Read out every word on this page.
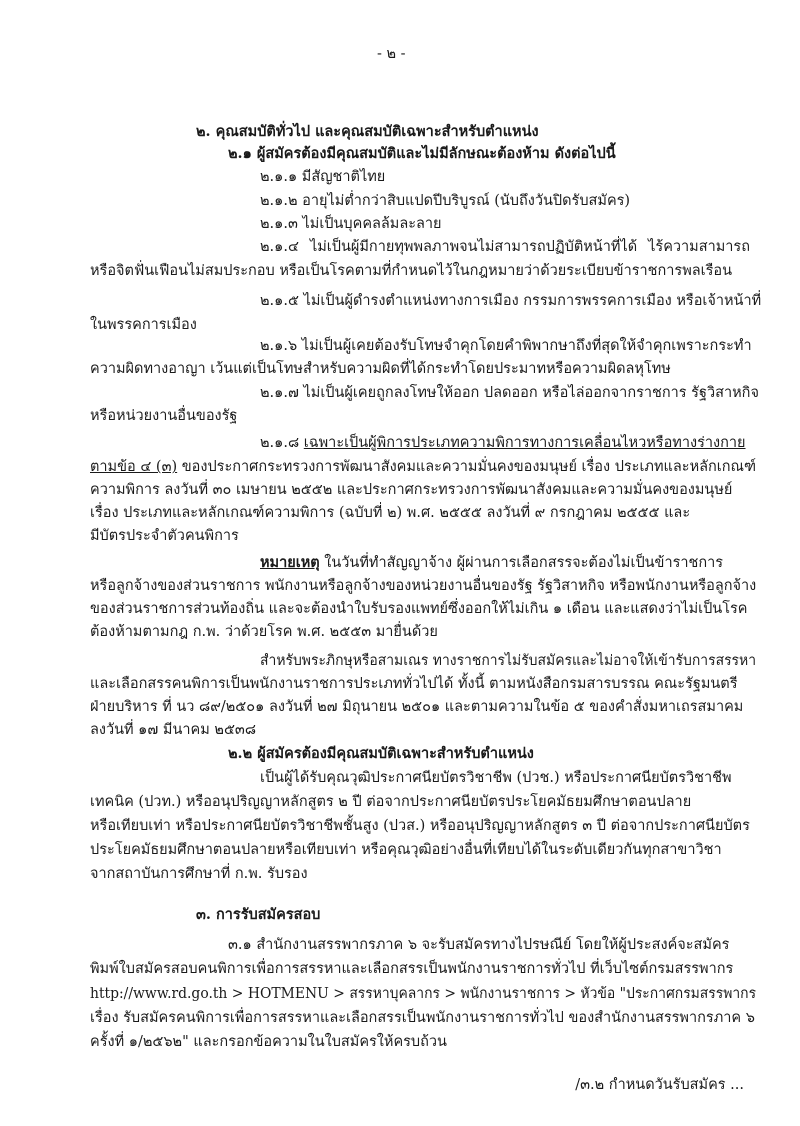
- ๒ -
๒. คุณสมบัติทั่วไป และคุณสมบัติเฉพาะสำหรับตำแหน่ง
๒.๑ ผู้สมัครต้องมีคุณสมบัติและไม่มีลักษณะต้องห้าม ดังต่อไปนี้
๒.๑.๑ มีสัญชาติไทย
๒.๑.๒ อายุไม่ต่ำกว่าสิบแปดปีบริบูรณ์ (นับถึงวันปิดรับสมัคร)
๒.๑.๓ ไม่เป็นบุคคลล้มละลาย
๒.๑.๔ ไม่เป็นผู้มีกายทุพพลภาพจนไม่สามารถปฏิบัติหน้าที่ได้ ไร้ความสามารถ
หรือจิตฟั่นเฟือนไม่สมประกอบ หรือเป็นโรคตามที่กำหนดไว้ในกฎหมายว่าด้วยระเบียบข้าราชการพลเรือน
๒.๑.๕ ไม่เป็นผู้ดำรงตำแหน่งทางการเมือง กรรมการพรรคการเมือง หรือเจ้าหน้าที่
ในพรรคการเมือง
๒.๑.๖ ไม่เป็นผู้เคยต้องรับโทษจำคุกโดยคำพิพากษาถึงที่สุดให้จำคุกเพราะกระทำ
ความผิดทางอาญา เว้นแต่เป็นโทษสำหรับความผิดที่ได้กระทำโดยประมาทหรือความผิดลหุโทษ
๒.๑.๗ ไม่เป็นผู้เคยถูกลงโทษให้ออก ปลดออก หรือไล่ออกจากราชการ รัฐวิสาหกิจ
หรือหน่วยงานอื่นของรัฐ
๒.๑.๘ เฉพาะเป็นผู้พิการประเภทความพิการทางการเคลื่อนไหวหรือทางร่างกาย
ตามข้อ ๔ (๓) ของประกาศกระทรวงการพัฒนาสังคมและความมั่นคงของมนุษย์ เรื่อง ประเภทและหลักเกณฑ์
ความพิการ ลงวันที่ ๓๐ เมษายน ๒๕๕๒ และประกาศกระทรวงการพัฒนาสังคมและความมั่นคงของมนุษย์
เรื่อง ประเภทและหลักเกณฑ์ความพิการ (ฉบับที่ ๒) พ.ศ. ๒๕๕๕ ลงวันที่ ๙ กรกฎาคม ๒๕๕๕ และ
มีบัตรประจำตัวคนพิการ
หมายเหตุ ในวันที่ทำสัญญาจ้าง ผู้ผ่านการเลือกสรรจะต้องไม่เป็นข้าราชการ
หรือลูกจ้างของส่วนราชการ พนักงานหรือลูกจ้างของหน่วยงานอื่นของรัฐ รัฐวิสาหกิจ หรือพนักงานหรือลูกจ้าง
ของส่วนราชการส่วนท้องถิ่น และจะต้องนำใบรับรองแพทย์ซึ่งออกให้ไม่เกิน ๑ เดือน และแสดงว่าไม่เป็นโรค
ต้องห้ามตามกฎ ก.พ. ว่าด้วยโรค พ.ศ. ๒๕๕๓ มายื่นด้วย
สำหรับพระภิกษุหรือสามเณร ทางราชการไม่รับสมัครและไม่อาจให้เข้ารับการสรรหา
และเลือกสรรคนพิการเป็นพนักงานราชการประเภททั่วไปได้ ทั้งนี้ ตามหนังสือกรมสารบรรณ คณะรัฐมนตรี
ฝ่ายบริหาร ที่ นว ๘๙/๒๕๐๑ ลงวันที่ ๒๗ มิถุนายน ๒๕๐๑ และตามความในข้อ ๕ ของคำสั่งมหาเถรสมาคม
ลงวันที่ ๑๗ มีนาคม ๒๕๓๘
๒.๒ ผู้สมัครต้องมีคุณสมบัติเฉพาะสำหรับตำแหน่ง
เป็นผู้ได้รับคุณวุฒิประกาศนียบัตรวิชาชีพ (ปวช.) หรือประกาศนียบัตรวิชาชีพ
เทคนิค (ปวท.) หรืออนุปริญญาหลักสูตร ๒ ปี ต่อจากประกาศนียบัตรประโยคมัธยมศึกษาตอนปลาย
หรือเทียบเท่า หรือประกาศนียบัตรวิชาชีพชั้นสูง (ปวส.) หรืออนุปริญญาหลักสูตร ๓ ปี ต่อจากประกาศนียบัตร
ประโยคมัธยมศึกษาตอนปลายหรือเทียบเท่า หรือคุณวุฒิอย่างอื่นที่เทียบได้ในระดับเดียวกันทุกสาขาวิชา
จากสถาบันการศึกษาที่ ก.พ. รับรอง
๓. การรับสมัครสอบ
๓.๑ สำนักงานสรรพากรภาค ๖ จะรับสมัครทางไปรษณีย์ โดยให้ผู้ประสงค์จะสมัคร
พิมพ์ใบสมัครสอบคนพิการเพื่อการสรรหาและเลือกสรรเป็นพนักงานราชการทั่วไป ที่เว็บไซต์กรมสรรพากร
http://www.rd.go.th > HOTMENU > สรรหาบุคลากร > พนักงานราชการ > หัวข้อ "ประกาศกรมสรรพากร
เรื่อง รับสมัครคนพิการเพื่อการสรรหาและเลือกสรรเป็นพนักงานราชการทั่วไป ของสำนักงานสรรพากรภาค ๖
ครั้งที่ ๑/๒๕๖๒" และกรอกข้อความในใบสมัครให้ครบถ้วน
/๓.๒ กำหนดวันรับสมัคร ...
